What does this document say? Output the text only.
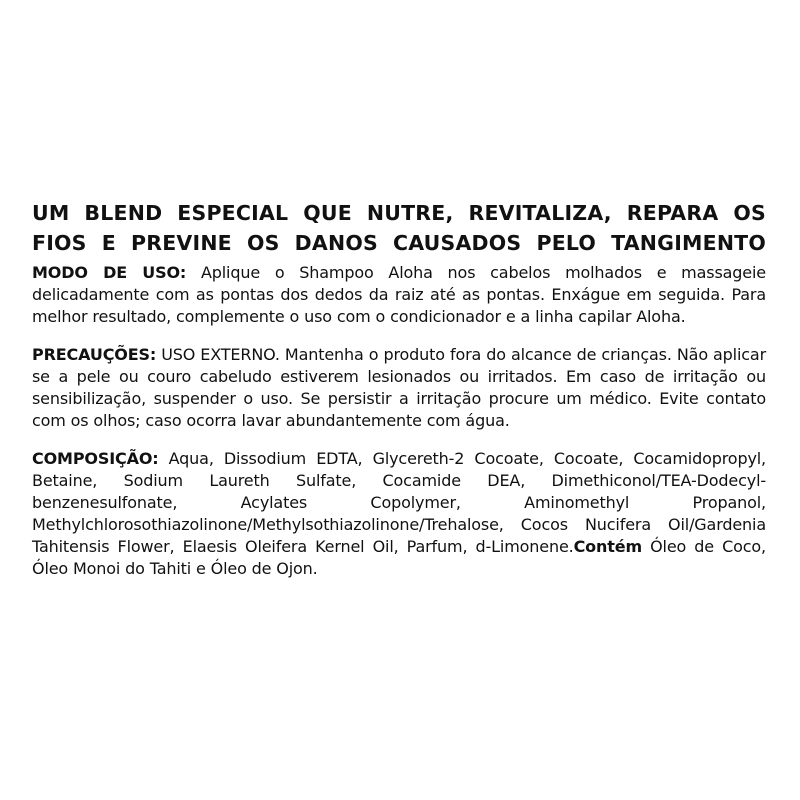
UM BLEND ESPECIAL QUE NUTRE, REVITALIZA, REPARA OS
FIOS E PREVINE OS DANOS CAUSADOS PELO TANGIMENTO

MODO DE USO: Aplique o Shampoo Aloha nos cabelos molhados e massageie delicadamente com as pontas dos dedos da raiz até as pontas. Enxágue em seguida. Para melhor resultado, complemente o uso com o condicionador e a linha capilar Aloha.

PRECAUÇÕES: USO EXTERNO. Mantenha o produto fora do alcance de crianças. Não aplicar se a pele ou couro cabeludo estiverem lesionados ou irritados. Em caso de irritação ou sensibilização, suspender o uso. Se persistir a irritação procure um médico. Evite contato com os olhos; caso ocorra lavar abundantemente com água.

COMPOSIÇÃO: Aqua, Dissodium EDTA, Glycereth-2 Cocoate, Cocoate, Cocamidopropyl, Betaine, Sodium Laureth Sulfate, Cocamide DEA, Dimethiconol/TEA-Dodecyl-benzenesulfonate, Acylates Copolymer, Aminomethyl Propanol, Methylchlorosothiazolinone/Methylsothiazolinone/Trehalose, Cocos Nucifera Oil/Gardenia Tahitensis Flower, Elaesis Oleifera Kernel Oil, Parfum, d-Limonene.Contém Óleo de Coco, Óleo Monoi do Tahiti e Óleo de Ojon.
